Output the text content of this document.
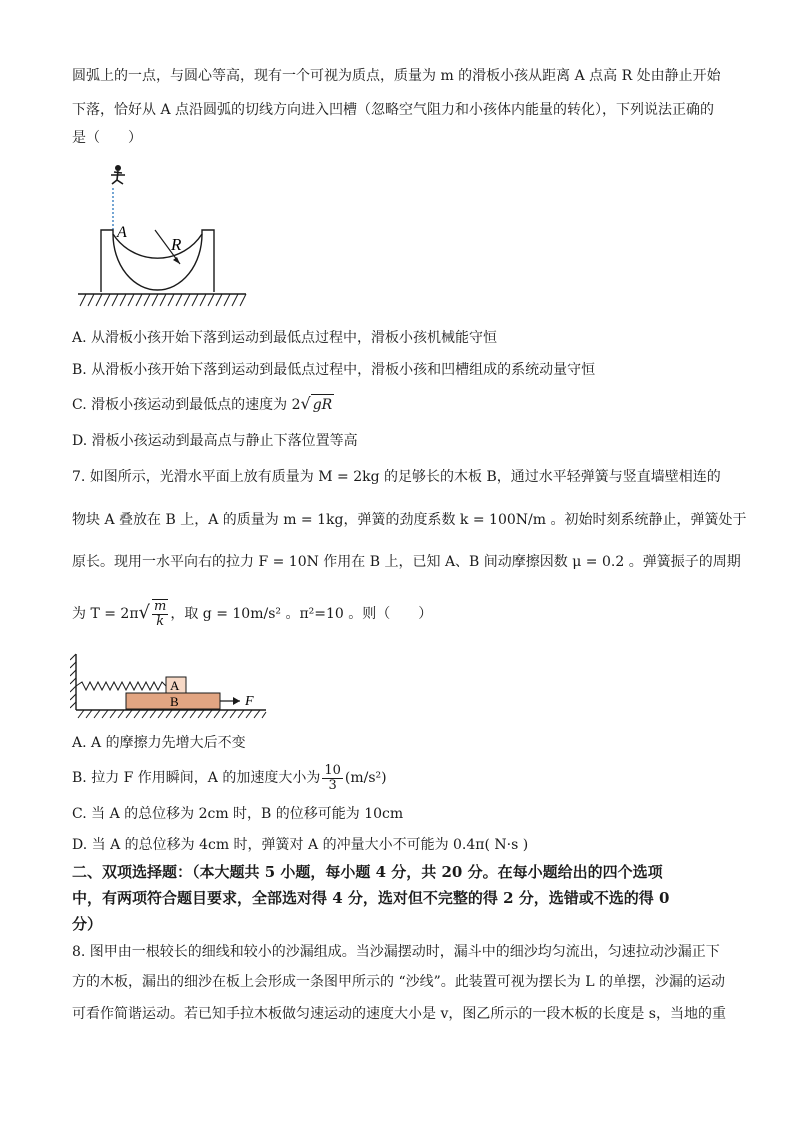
圆弧上的一点，与圆心等高，现有一个可视为质点，质量为 m 的滑板小孩从距离 A 点高 R 处由静止开始
下落，恰好从 A 点沿圆弧的切线方向进入凹槽（忽略空气阻力和小孩体内能量的转化），下列说法正确的
是（　　）
A
R
A. 从滑板小孩开始下落到运动到最低点过程中，滑板小孩机械能守恒
B. 从滑板小孩开始下落到运动到最低点过程中，滑板小孩和凹槽组成的系统动量守恒
C. 滑板小孩运动到最低点的速度为 2√ gR
D. 滑板小孩运动到最高点与静止下落位置等高
7. 如图所示，光滑水平面上放有质量为 M = 2kg 的足够长的木板 B，通过水平轻弹簧与竖直墙壁相连的
物块 A 叠放在 B 上，A 的质量为 m = 1kg，弹簧的劲度系数 k = 100N/m 。初始时刻系统静止，弹簧处于
原长。现用一水平向右的拉力 F = 10N 作用在 B 上，已知 A、B 间动摩擦因数 μ = 0.2 。弹簧振子的周期
为 $T = 2\pi√ \frac{m}{k}$ ，取 g = 10m/s² 。π²=10 。则（　　）
A
B	F
A. A 的摩擦力先增大后不变
B. 拉力 F 作用瞬间，A 的加速度大小为 $\frac{10}{3} (m/s^2)$
C. 当 A 的总位移为 2cm 时，B 的位移可能为 10cm
D. 当 A 的总位移为 4cm 时，弹簧对 A 的冲量大小不可能为 0.4π( N·s )
二、双项选择题：（本大题共 5 小题，每小题 4 分，共 20 分。在每小题给出的四个选项
中，有两项符合题目要求，全部选对得 4 分，选对但不完整的得 2 分，选错或不选的得 0
分）
8. 图甲由一根较长的细线和较小的沙漏组成。当沙漏摆动时，漏斗中的细沙均匀流出，匀速拉动沙漏正下
方的木板，漏出的细沙在板上会形成一条图甲所示的 “沙线”。此装置可视为摆长为 L 的单摆，沙漏的运动
可看作简谐运动。若已知手拉木板做匀速运动的速度大小是 v，图乙所示的一段木板的长度是 s，当地的重
